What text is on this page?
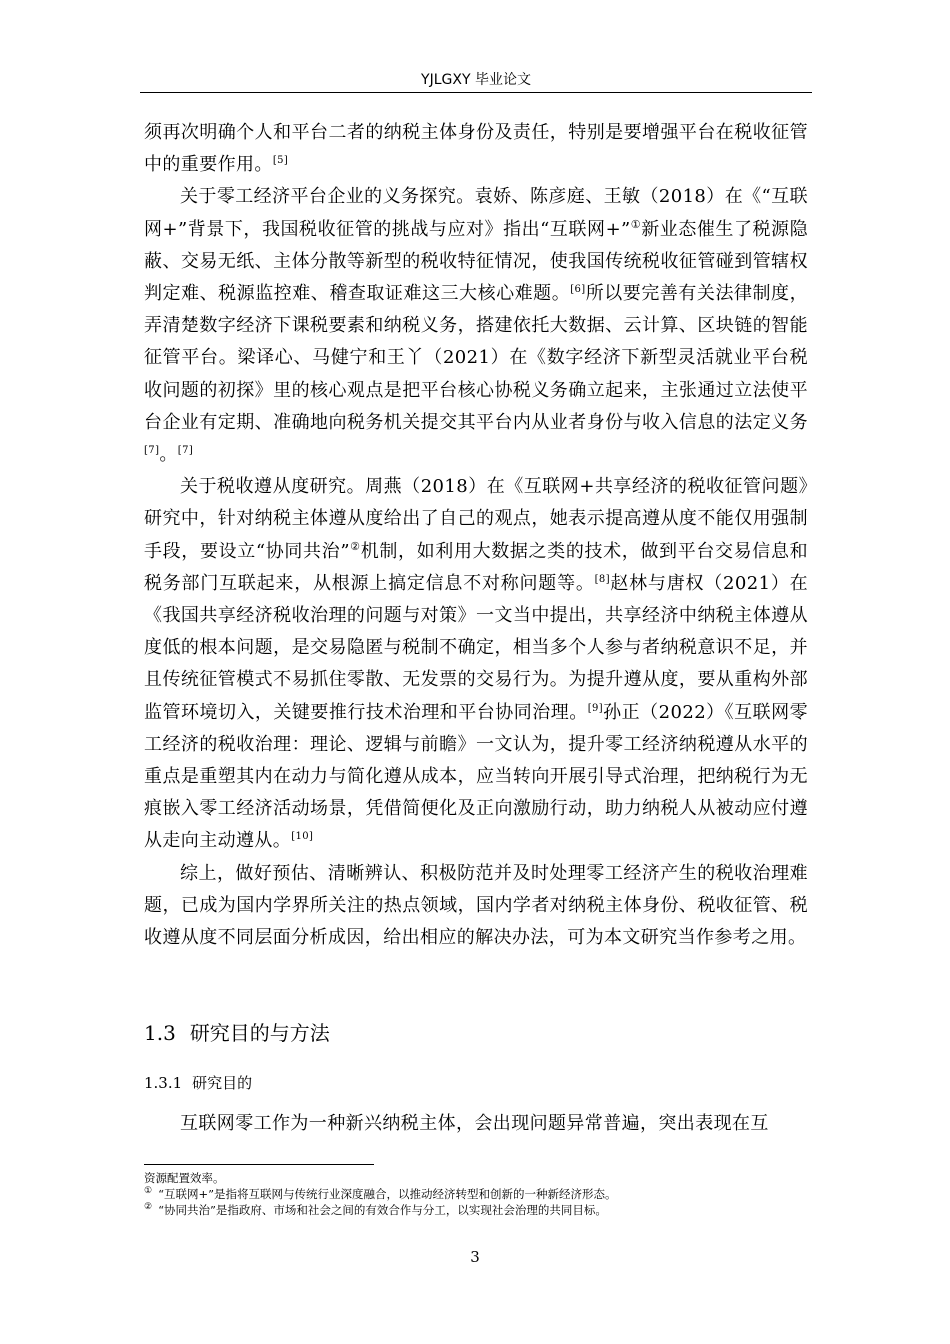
YJLGXY 毕业论文

须再次明确个人和平台二者的纳税主体身份及责任，特别是要增强平台在税收征管中的重要作用。[5]

关于零工经济平台企业的义务探究。袁娇、陈彦庭、王敏（2018）在《“互联网+”背景下，我国税收征管的挑战与应对》指出“互联网+”①新业态催生了税源隐蔽、交易无纸、主体分散等新型的税收特征情况，使我国传统税收征管碰到管辖权判定难、税源监控难、稽查取证难这三大核心难题。[6]所以要完善有关法律制度，弄清楚数字经济下课税要素和纳税义务，搭建依托大数据、云计算、区块链的智能征管平台。梁译心、马健宁和王丫（2021）在《数字经济下新型灵活就业平台税收问题的初探》里的核心观点是把平台核心协税义务确立起来，主张通过立法使平台企业有定期、准确地向税务机关提交其平台内从业者身份与收入信息的法定义务[7]。[7]

关于税收遵从度研究。周燕（2018）在《互联网+共享经济的税收征管问题》研究中，针对纳税主体遵从度给出了自己的观点，她表示提高遵从度不能仅用强制手段，要设立“协同共治”②机制，如利用大数据之类的技术，做到平台交易信息和税务部门互联起来，从根源上搞定信息不对称问题等。[8]赵林与唐权（2021）在《我国共享经济税收治理的问题与对策》一文当中提出，共享经济中纳税主体遵从度低的根本问题，是交易隐匿与税制不确定，相当多个人参与者纳税意识不足，并且传统征管模式不易抓住零散、无发票的交易行为。为提升遵从度，要从重构外部监管环境切入，关键要推行技术治理和平台协同治理。[9]孙正（2022）《互联网零工经济的税收治理：理论、逻辑与前瞻》一文认为，提升零工经济纳税遵从水平的重点是重塑其内在动力与简化遵从成本，应当转向开展引导式治理，把纳税行为无痕嵌入零工经济活动场景，凭借简便化及正向激励行动，助力纳税人从被动应付遵从走向主动遵从。[10]

综上，做好预估、清晰辨认、积极防范并及时处理零工经济产生的税收治理难题，已成为国内学界所关注的热点领域，国内学者对纳税主体身份、税收征管、税收遵从度不同层面分析成因，给出相应的解决办法，可为本文研究当作参考之用。

1.3 研究目的与方法
1.3.1 研究目的

互联网零工作为一种新兴纳税主体，会出现问题异常普遍，突出表现在互

资源配置效率。
① “互联网+”是指将互联网与传统行业深度融合，以推动经济转型和创新的一种新经济形态。
② “协同共治”是指政府、市场和社会之间的有效合作与分工，以实现社会治理的共同目标。
3
